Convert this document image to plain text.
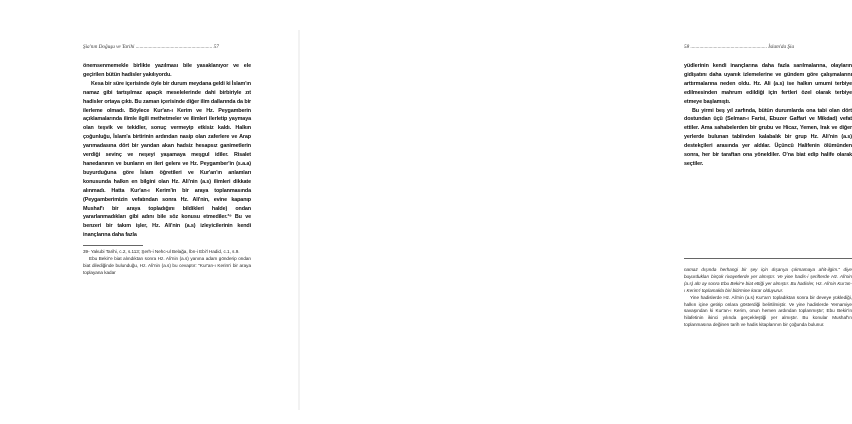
Şia'nın Doğuşu ve Tarihi ........................................................... 57

önemsenmemekle birlikte yazılması bile yasaklanıyor ve ele geçirilen bütün hadisler yakılıyordu.

Kesa bir süre içerisinde öyle bir durum meydana geldi ki İslam'ın namaz gibi tartışılmaz apaçık meselelerinde dahi birbiriyle zıt hadisler ortaya çıktı. Bu zaman içerisinde diğer ilim dallarında da bir ilerleme olmadı. Böylece Kur'an-ı Kerim ve Hz. Peygamberin açıklamalarında ilimle ilgili methetmeler ve ilimleri ilerletip yaymaya olan teşvik ve tekidler, sonuç vermeyip etkisiz kaldı. Halkın çoğunluğu, İslam'a birtirinin ardından nasip olan zaferlere ve Arap yarımadasına dört bir yandan akan hadsiz hesapsız ganimetlerin verdiği sevinç ve neşeyi yaşamaya meşgul idiler. Risalet hanedanının ve bunların en ileri gelenı ve Hz. Peygamber'in (s.a.a) buyurduğuna göre İslam öğretileri ve Kur'an'ın anlamları konusunda halkın en bilgini olan Hz. Ali'nin (a.s) ilimleri dikkate alınmadı. Hatta Kur'an-ı Kerim'in bir araya toplanmasında (Peygamberimizin vefatından sonra Hz. Ali'nin, evine kapanıp Mushaf'ı bir araya topladığını bildikleri halde) ondan yararlanmadıkları gibi adını bile söz konusu etmediler.³⁹ Bu ve benzeri bir takım işler, Hz. Ali'nin (a.s) izleyicilerinin kendi inançlarına daha fazla

39- Yakubi Tarihi, c.2, s.113; Şerh-i Nehc-ul Belağa, İbn-i Ebi'l Hadid, c.1, s.9.

Ebu Bekir'e biat alındıktan sonra Hz. Ali'nin (a.s) yanına adam gönderip ondan biat dilediğinde bulunduğu, Hz. Ali'nin (a.s) bu cevaptır: "Kur'an-ı Kerim'i bir araya toplayana kadar

58 ........................................................... İslam'da Şia

yüdlerinin kendi inançlarına daha fazla sarılmalarına, olayların gidişatını daha uyanık izlemelerine ve gündem göre çalışmalarını arttırmalarına neden oldu. Hz. Ali (a.s) ise halkın umumi terbiye edilmesinden mahrum edildiği için fertleri özel olarak terbiye etmeye başlamıştı.

Bu yirmi beş yıl zarfında, bütün durumlarda ona tabi olan dört dostundan üçü (Selman-ı Farisi, Ebuzer Gaffari ve Mikdad) vefat ettiler. Ama sahabelerden bir grubu ve Hicaz, Yemen, Irak ve diğer yerlerde bulunan tabiinden kalabalık bir grup Hz. Ali'nin (a.s) destekçileri arasında yer aldılar. Üçüncü Halifenin ölümünden sonra, her bir taraftan ona yöneldiler. O'na biat edip halife olarak seçtiler.

namaz dışında herhangi bir şey için dışarıya çıkmamaya ahit-ilgim." diye buyurdukları birçok rivayetlerde yer almıştır. Ve yine hadis-i şerifterde Hz. Ali'nin (a.s) altı ay sonra Ebu Bekir'e biat ettiği yer almıştır. Bu hadisler, Hz. Ali'nin Kur'an-ı Kerim'i toplamakla biri bitirmine karar olduyurur.

Yine hadislerde Hz. Ali'nin (a.s) Kur'an'ı topladıktan sonra bir deveye yüklediği, halkın içine getirip onlara gösterdiği belirtilmiştir. Ve yine hadislerde Yemamiye savaşından ki Kur'an-ı Kerim, onun hemen ardından toplanmıştır; Ebu Bekir'in hilafetinin ikinci yılında gerçekleştiği yer almıştır. Bu konular Mushaf'ın toplanmasına değinen tarih ve hadis kitaplarının bir çoğunda bulunur.
